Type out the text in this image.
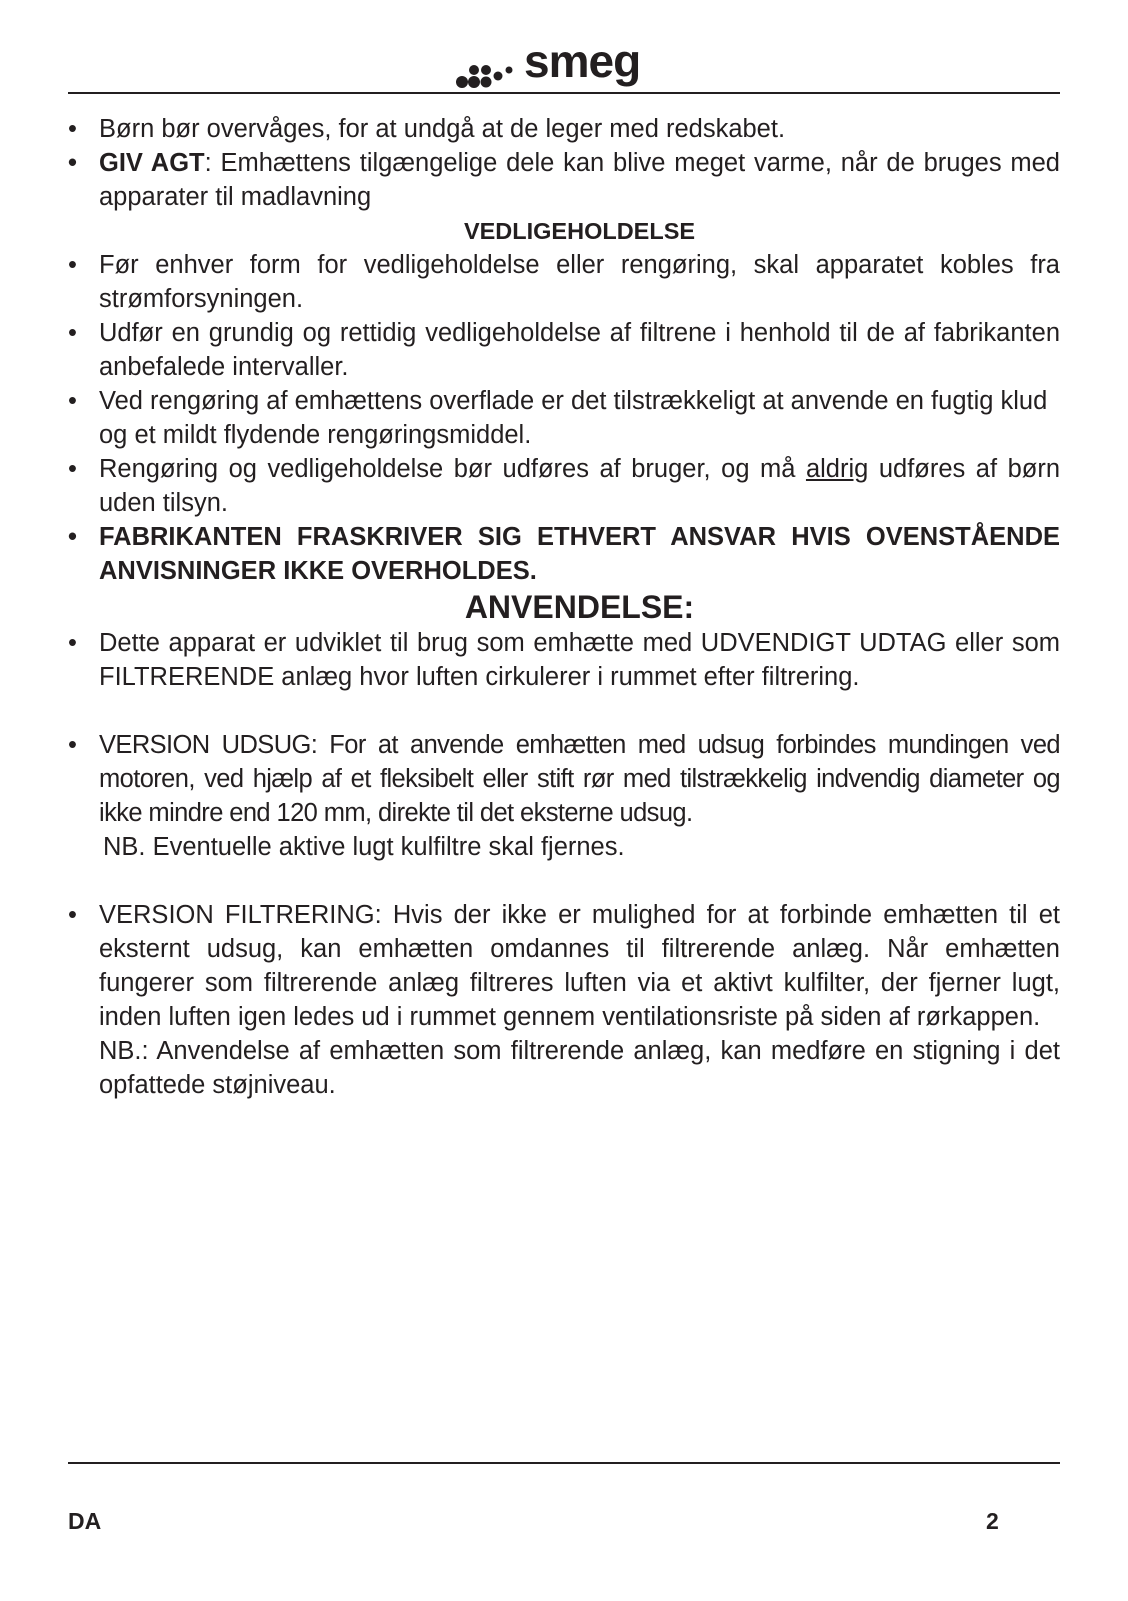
smeg
• Børn bør overvåges, for at undgå at de leger med redskabet.
• GIV AGT: Emhættens tilgængelige dele kan blive meget varme, når de bruges med apparater til madlavning
VEDLIGEHOLDELSE
• Før enhver form for vedligeholdelse eller rengøring, skal apparatet kobles fra strømforsyningen.
• Udfør en grundig og rettidig vedligeholdelse af filtrene i henhold til de af fabrikanten anbefalede intervaller.
• Ved rengøring af emhættens overflade er det tilstrækkeligt at anvende en fugtig klud og et mildt flydende rengøringsmiddel.
• Rengøring og vedligeholdelse bør udføres af bruger, og må aldrig udføres af børn uden tilsyn.
• FABRIKANTEN FRASKRIVER SIG ETHVERT ANSVAR HVIS OVENSTÅENDE ANVISNINGER IKKE OVERHOLDES.
ANVENDELSE:
• Dette apparat er udviklet til brug som emhætte med UDVENDIGT UDTAG eller som FILTRERENDE anlæg hvor luften cirkulerer i rummet efter filtrering.
• VERSION UDSUG: For at anvende emhætten med udsug forbindes mundingen ved motoren, ved hjælp af et fleksibelt eller stift rør med tilstrækkelig indvendig diameter og ikke mindre end 120 mm, direkte til det eksterne udsug.
NB. Eventuelle aktive lugt kulfiltre skal fjernes.
• VERSION FILTRERING: Hvis der ikke er mulighed for at forbinde emhætten til et eksternt udsug, kan emhætten omdannes til filtrerende anlæg. Når emhætten fungerer som filtrerende anlæg filtreres luften via et aktivt kulfilter, der fjerner lugt, inden luften igen ledes ud i rummet gennem ventilationsriste på siden af rørkappen.
NB.: Anvendelse af emhætten som filtrerende anlæg, kan medføre en stigning i det opfattede støjniveau.
DA	2
